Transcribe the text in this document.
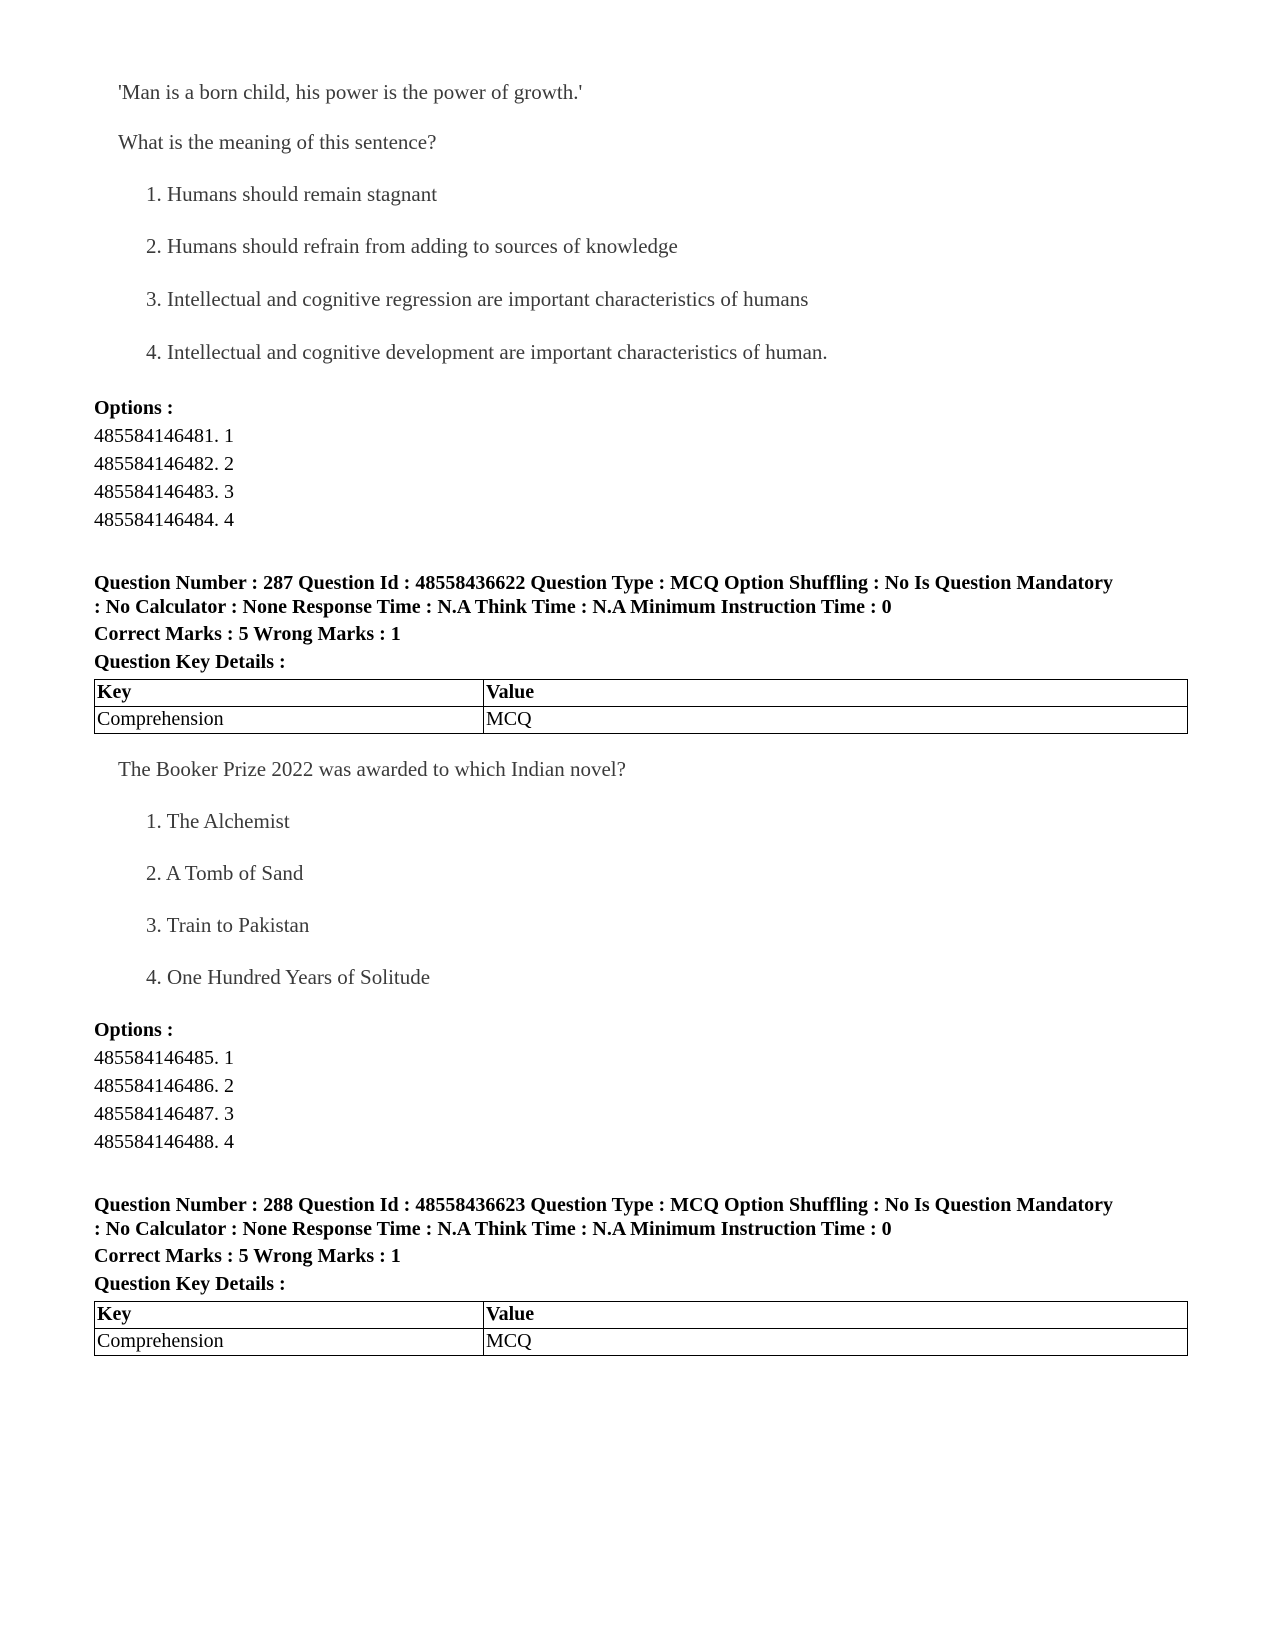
'Man is a born child, his power is the power of growth.'
What is the meaning of this sentence?
1. Humans should remain stagnant
2. Humans should refrain from adding to sources of knowledge
3. Intellectual and cognitive regression are important characteristics of humans
4. Intellectual and cognitive development are important characteristics of human.
Options :
485584146481. 1
485584146482. 2
485584146483. 3
485584146484. 4
Question Number : 287 Question Id : 48558436622 Question Type : MCQ Option Shuffling : No Is Question Mandatory
: No Calculator : None Response Time : N.A Think Time : N.A Minimum Instruction Time : 0
Correct Marks : 5 Wrong Marks : 1
Question Key Details :
Key	Value
Comprehension	MCQ
The Booker Prize 2022 was awarded to which Indian novel?
1. The Alchemist
2. A Tomb of Sand
3. Train to Pakistan
4. One Hundred Years of Solitude
Options :
485584146485. 1
485584146486. 2
485584146487. 3
485584146488. 4
Question Number : 288 Question Id : 48558436623 Question Type : MCQ Option Shuffling : No Is Question Mandatory
: No Calculator : None Response Time : N.A Think Time : N.A Minimum Instruction Time : 0
Correct Marks : 5 Wrong Marks : 1
Question Key Details :
Key	Value
Comprehension	MCQ
